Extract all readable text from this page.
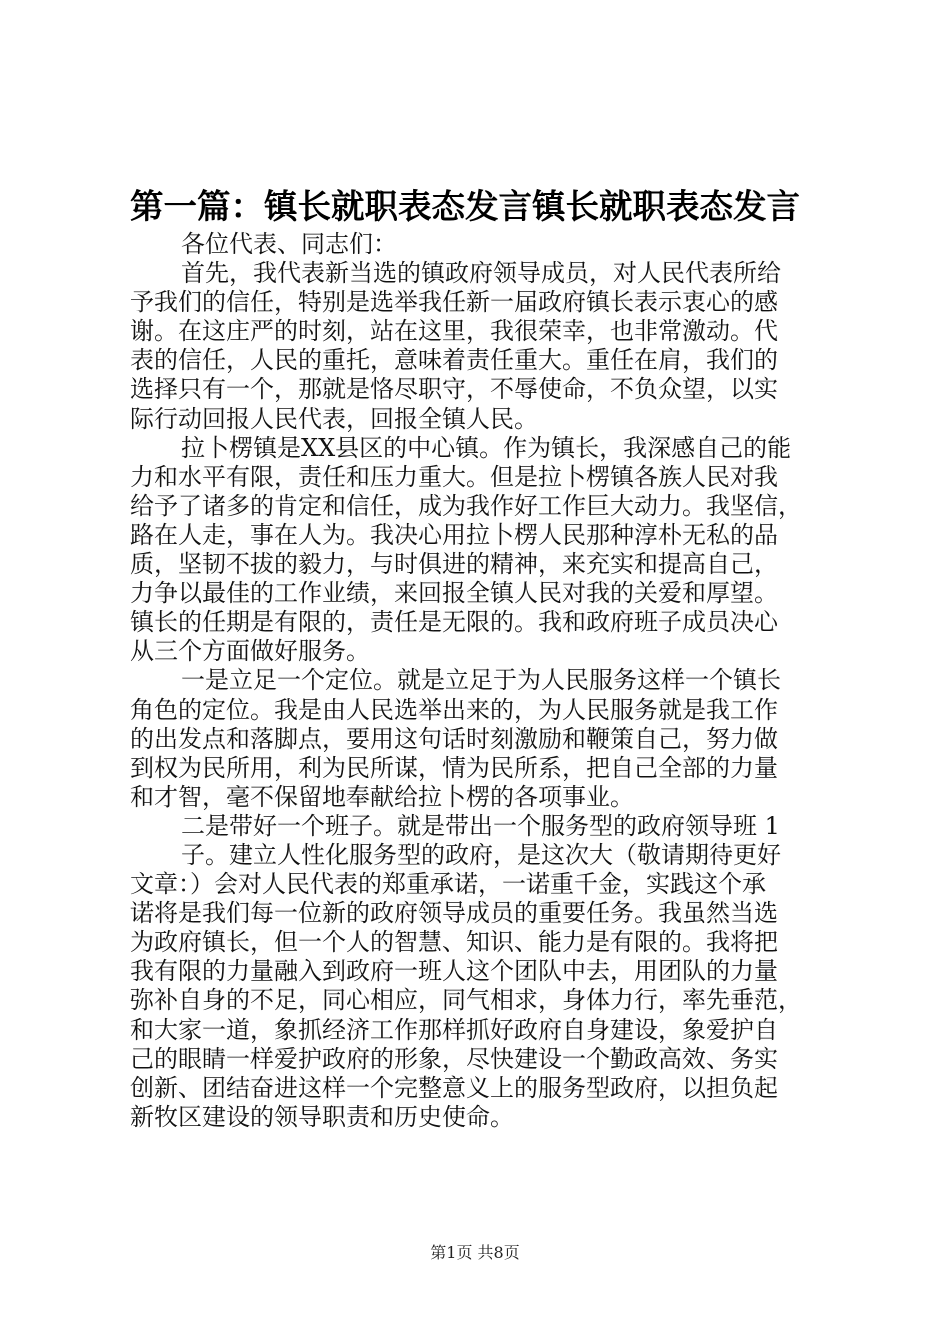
第一篇：镇长就职表态发言镇长就职表态发言
各位代表、同志们：
首先，我代表新当选的镇政府领导成员，对人民代表所给
予我们的信任，特别是选举我任新一届政府镇长表示衷心的感
谢。在这庄严的时刻，站在这里，我很荣幸，也非常激动。代
表的信任，人民的重托，意味着责任重大。重任在肩，我们的
选择只有一个，那就是恪尽职守，不辱使命，不负众望，以实
际行动回报人民代表，回报全镇人民。
拉卜楞镇是XX县区的中心镇。作为镇长，我深感自己的能
力和水平有限，责任和压力重大。但是拉卜楞镇各族人民对我
给予了诸多的肯定和信任，成为我作好工作巨大动力。我坚信，
路在人走，事在人为。我决心用拉卜楞人民那种淳朴无私的品
质，坚韧不拔的毅力，与时俱进的精神，来充实和提高自己，
力争以最佳的工作业绩，来回报全镇人民对我的关爱和厚望。
镇长的任期是有限的，责任是无限的。我和政府班子成员决心
从三个方面做好服务。
一是立足一个定位。就是立足于为人民服务这样一个镇长
角色的定位。我是由人民选举出来的，为人民服务就是我工作
的出发点和落脚点，要用这句话时刻激励和鞭策自己，努力做
到权为民所用，利为民所谋，情为民所系，把自己全部的力量
和才智，毫不保留地奉献给拉卜楞的各项事业。
二是带好一个班子。就是带出一个服务型的政府领导班 1
子。建立人性化服务型的政府，是这次大（敬请期待更好
文章：）会对人民代表的郑重承诺，一诺重千金，实践这个承
诺将是我们每一位新的政府领导成员的重要任务。我虽然当选
为政府镇长，但一个人的智慧、知识、能力是有限的。我将把
我有限的力量融入到政府一班人这个团队中去，用团队的力量
弥补自身的不足，同心相应，同气相求，身体力行，率先垂范，
和大家一道，象抓经济工作那样抓好政府自身建设，象爱护自
己的眼睛一样爱护政府的形象，尽快建设一个勤政高效、务实
创新、团结奋进这样一个完整意义上的服务型政府，以担负起
新牧区建设的领导职责和历史使命。
第1页 共8页
